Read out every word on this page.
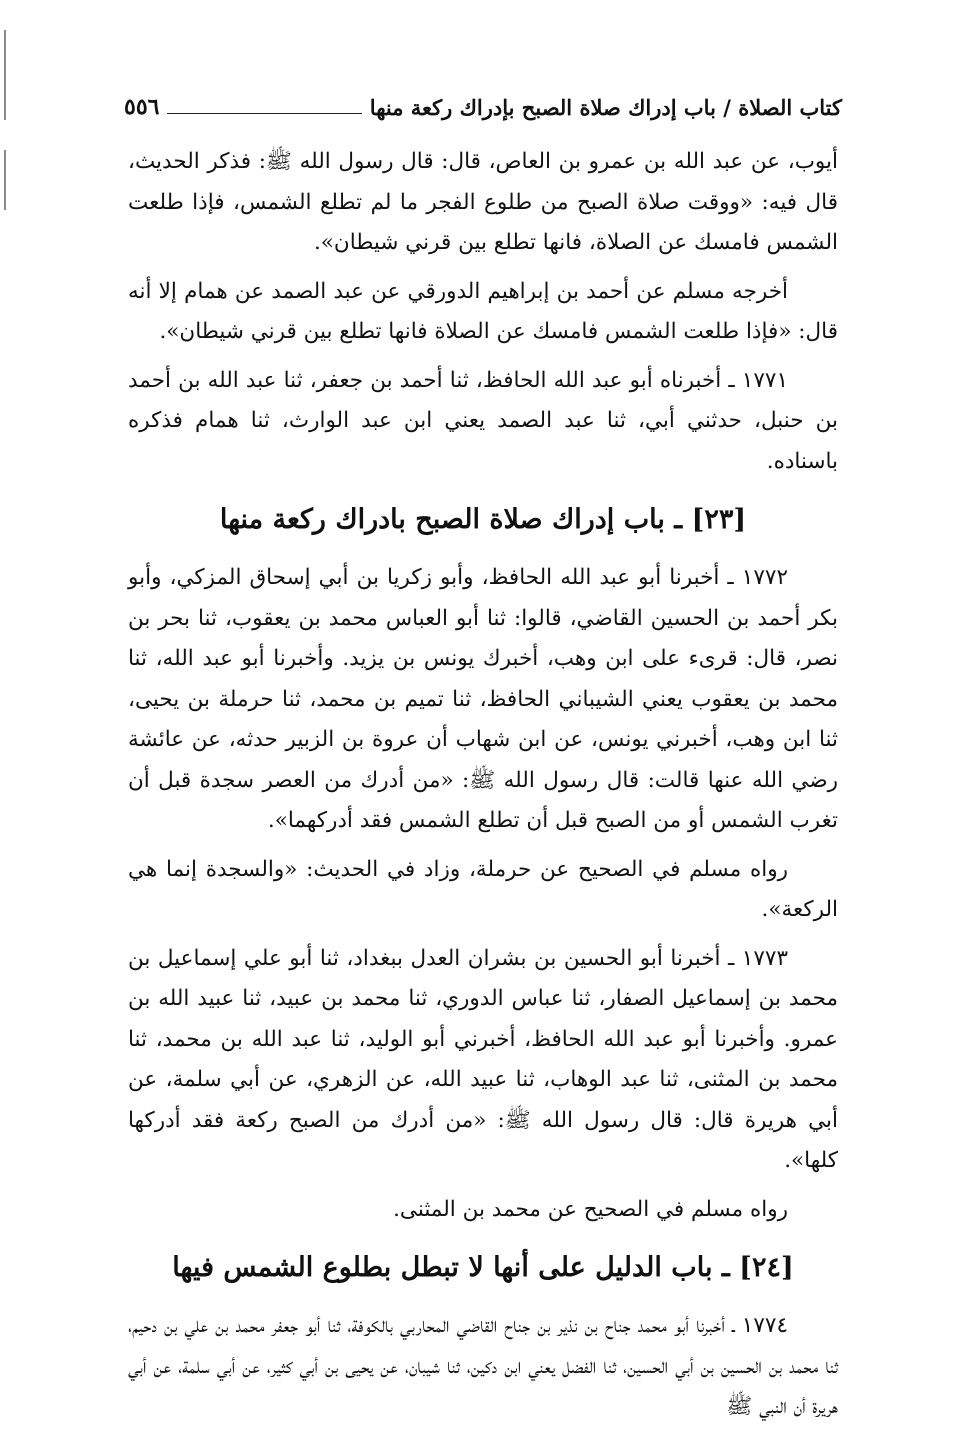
كتاب الصلاة / باب إدراك صلاة الصبح بإدراك ركعة منها
٥٥٦

أيوب، عن عبد الله بن عمرو بن العاص، قال: قال رسول الله ﷺ: فذكر الحديث، قال فيه: «ووقت صلاة الصبح من طلوع الفجر ما لم تطلع الشمس، فإذا طلعت الشمس فامسك عن الصلاة، فانها تطلع بين قرني شيطان».

أخرجه مسلم عن أحمد بن إبراهيم الدورقي عن عبد الصمد عن همام إلا أنه قال: «فإذا طلعت الشمس فامسك عن الصلاة فانها تطلع بين قرني شيطان».

١٧٧١ ـ أخبرناه أبو عبد الله الحافظ، ثنا أحمد بن جعفر، ثنا عبد الله بن أحمد بن حنبل، حدثني أبي، ثنا عبد الصمد يعني ابن عبد الوارث، ثنا همام فذكره باسناده.

[٢٣] ـ باب إدراك صلاة الصبح بادراك ركعة منها

١٧٧٢ ـ أخبرنا أبو عبد الله الحافظ، وأبو زكريا بن أبي إسحاق المزكي، وأبو بكر أحمد بن الحسين القاضي، قالوا: ثنا أبو العباس محمد بن يعقوب، ثنا بحر بن نصر، قال: قرىء على ابن وهب، أخبرك يونس بن يزيد. وأخبرنا أبو عبد الله، ثنا محمد بن يعقوب يعني الشيباني الحافظ، ثنا تميم بن محمد، ثنا حرملة بن يحيى، ثنا ابن وهب، أخبرني يونس، عن ابن شهاب أن عروة بن الزبير حدثه، عن عائشة رضي الله عنها قالت: قال رسول الله ﷺ: «من أدرك من العصر سجدة قبل أن تغرب الشمس أو من الصبح قبل أن تطلع الشمس فقد أدركهما».

رواه مسلم في الصحيح عن حرملة، وزاد في الحديث: «والسجدة إنما هي الركعة».

١٧٧٣ ـ أخبرنا أبو الحسين بن بشران العدل ببغداد، ثنا أبو علي إسماعيل بن محمد بن إسماعيل الصفار، ثنا عباس الدوري، ثنا محمد بن عبيد، ثنا عبيد الله بن عمرو. وأخبرنا أبو عبد الله الحافظ، أخبرني أبو الوليد، ثنا عبد الله بن محمد، ثنا محمد بن المثنى، ثنا عبد الوهاب، ثنا عبيد الله، عن الزهري، عن أبي سلمة، عن أبي هريرة قال: قال رسول الله ﷺ: «من أدرك من الصبح ركعة فقد أدركها كلها».

رواه مسلم في الصحيح عن محمد بن المثنى.

[٢٤] ـ باب الدليل على أنها لا تبطل بطلوع الشمس فيها

١٧٧٤ ـ أخبرنا أبو محمد جناح بن نذير بن جناح القاضي المحاربي بالكوفة، ثنا أبو جعفر محمد بن علي بن دحيم، ثنا محمد بن الحسين بن أبي الحسين، ثنا الفضل يعني ابن دكين، ثنا شيبان، عن يحيى بن أبي كثير، عن أبي سلمة، عن أبي هريرة أن النبي ﷺ
